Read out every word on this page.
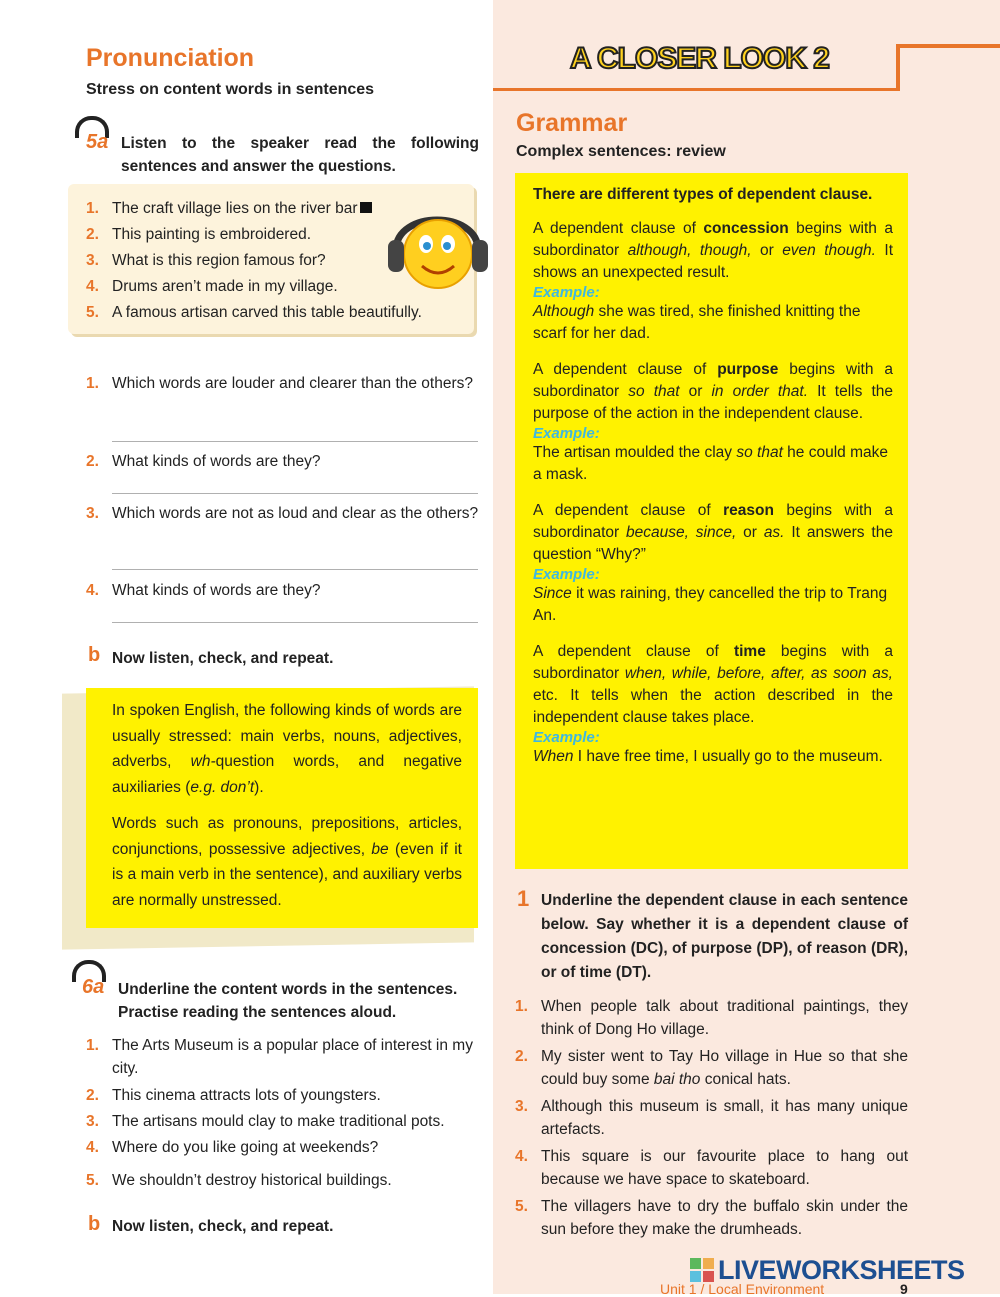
Pronunciation
Stress on content words in sentences
5a Listen to the speaker read the following sentences and answer the questions.
1. The craft village lies on the river bar
2. This painting is embroidered.
3. What is this region famous for?
4. Drums aren’t made in my village.
5. A famous artisan carved this table beautifully.
1. Which words are louder and clearer than the others?
2. What kinds of words are they?
3. Which words are not as loud and clear as the others?
4. What kinds of words are they?
b Now listen, check, and repeat.
In spoken English, the following kinds of words are usually stressed: main verbs, nouns, adjectives, adverbs, wh-question words, and negative auxiliaries (e.g. don’t).
Words such as pronouns, prepositions, articles, conjunctions, possessive adjectives, be (even if it is a main verb in the sentence), and auxiliary verbs are normally unstressed.
6a Underline the content words in the sentences. Practise reading the sentences aloud.
1. The Arts Museum is a popular place of interest in my city.
2. This cinema attracts lots of youngsters.
3. The artisans mould clay to make traditional pots.
4. Where do you like going at weekends?
5. We shouldn’t destroy historical buildings.
b Now listen, check, and repeat.
A CLOSER LOOK 2
Grammar
Complex sentences: review
There are different types of dependent clause.
A dependent clause of concession begins with a subordinator although, though, or even though. It shows an unexpected result.
Example:
Although she was tired, she finished knitting the scarf for her dad.
A dependent clause of purpose begins with a subordinator so that or in order that. It tells the purpose of the action in the independent clause.
Example:
The artisan moulded the clay so that he could make a mask.
A dependent clause of reason begins with a subordinator because, since, or as. It answers the question “Why?”
Example:
Since it was raining, they cancelled the trip to Trang An.
A dependent clause of time begins with a subordinator when, while, before, after, as soon as, etc. It tells when the action described in the independent clause takes place.
Example:
When I have free time, I usually go to the museum.
1 Underline the dependent clause in each sentence below. Say whether it is a dependent clause of concession (DC), of purpose (DP), of reason (DR), or of time (DT).
1. When people talk about traditional paintings, they think of Dong Ho village.
2. My sister went to Tay Ho village in Hue so that she could buy some bai tho conical hats.
3. Although this museum is small, it has many unique artefacts.
4. This square is our favourite place to hang out because we have space to skateboard.
5. The villagers have to dry the buffalo skin under the sun before they make the drumheads.
LIVEWORKSHEETS
Unit 1 / Local Environment	9
